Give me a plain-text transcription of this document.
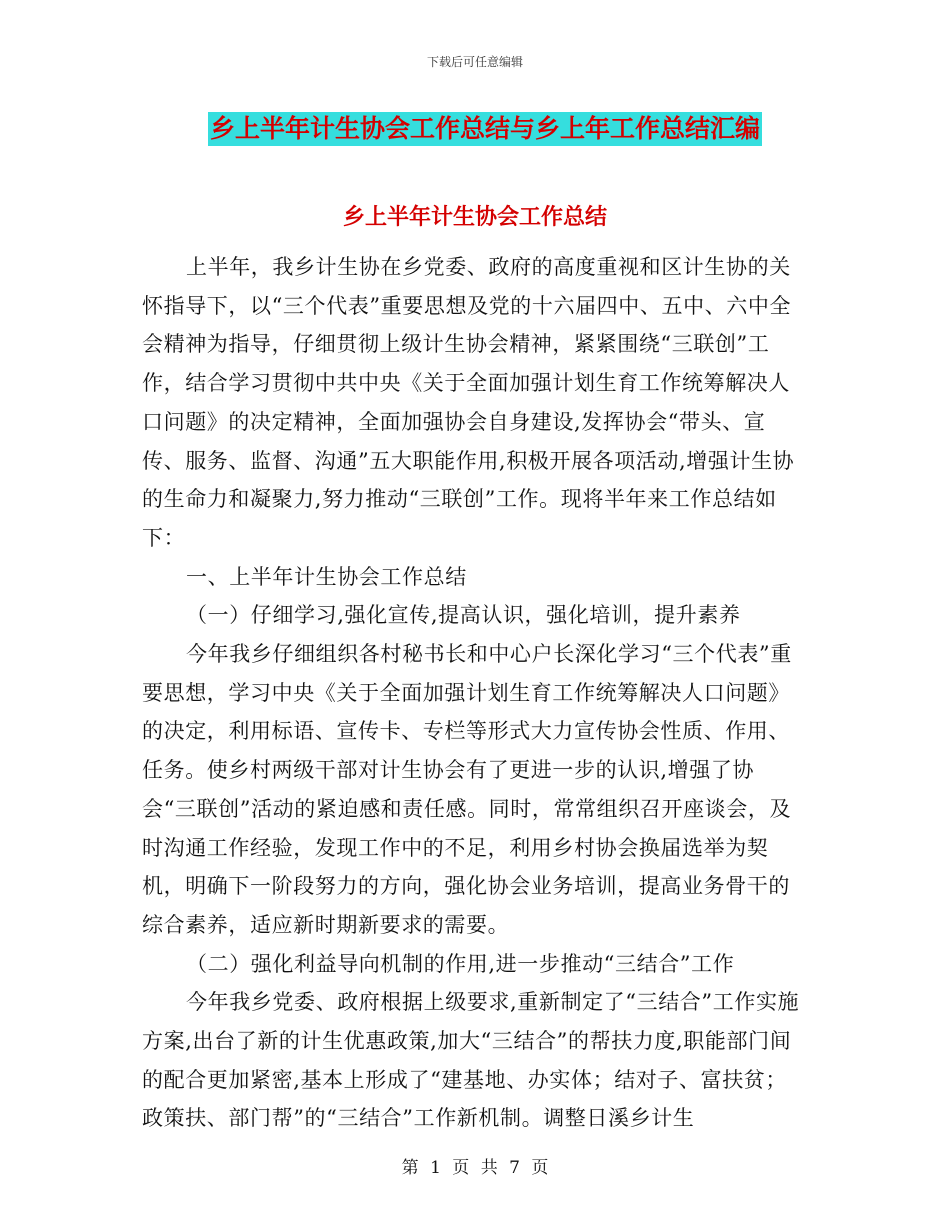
下载后可任意编辑
乡上半年计生协会工作总结与乡上年工作总结汇编
乡上半年计生协会工作总结

上半年，我乡计生协在乡党委、政府的高度重视和区计生协的关怀指导下，以“三个代表”重要思想及党的十六届四中、五中、六中全会精神为指导，仔细贯彻上级计生协会精神，紧紧围绕“三联创”工作，结合学习贯彻中共中央《关于全面加强计划生育工作统筹解决人口问题》的决定精神，全面加强协会自身建设,发挥协会“带头、宣传、服务、监督、沟通”五大职能作用,积极开展各项活动,增强计生协的生命力和凝聚力,努力推动“三联创”工作。现将半年来工作总结如下：

一、上半年计生协会工作总结

（一）仔细学习,强化宣传,提高认识，强化培训，提升素养

今年我乡仔细组织各村秘书长和中心户长深化学习“三个代表”重要思想，学习中央《关于全面加强计划生育工作统筹解决人口问题》的决定，利用标语、宣传卡、专栏等形式大力宣传协会性质、作用、任务。使乡村两级干部对计生协会有了更进一步的认识,增强了协会“三联创”活动的紧迫感和责任感。同时，常常组织召开座谈会，及时沟通工作经验，发现工作中的不足，利用乡村协会换届选举为契机，明确下一阶段努力的方向，强化协会业务培训，提高业务骨干的综合素养，适应新时期新要求的需要。

（二）强化利益导向机制的作用,进一步推动“三结合”工作

今年我乡党委、政府根据上级要求,重新制定了“三结合”工作实施方案,出台了新的计生优惠政策,加大“三结合”的帮扶力度,职能部门间的配合更加紧密,基本上形成了“建基地、办实体；结对子、富扶贫；政策扶、部门帮”的“三结合”工作新机制。调整日溪乡计生

第 1 页 共 7 页
